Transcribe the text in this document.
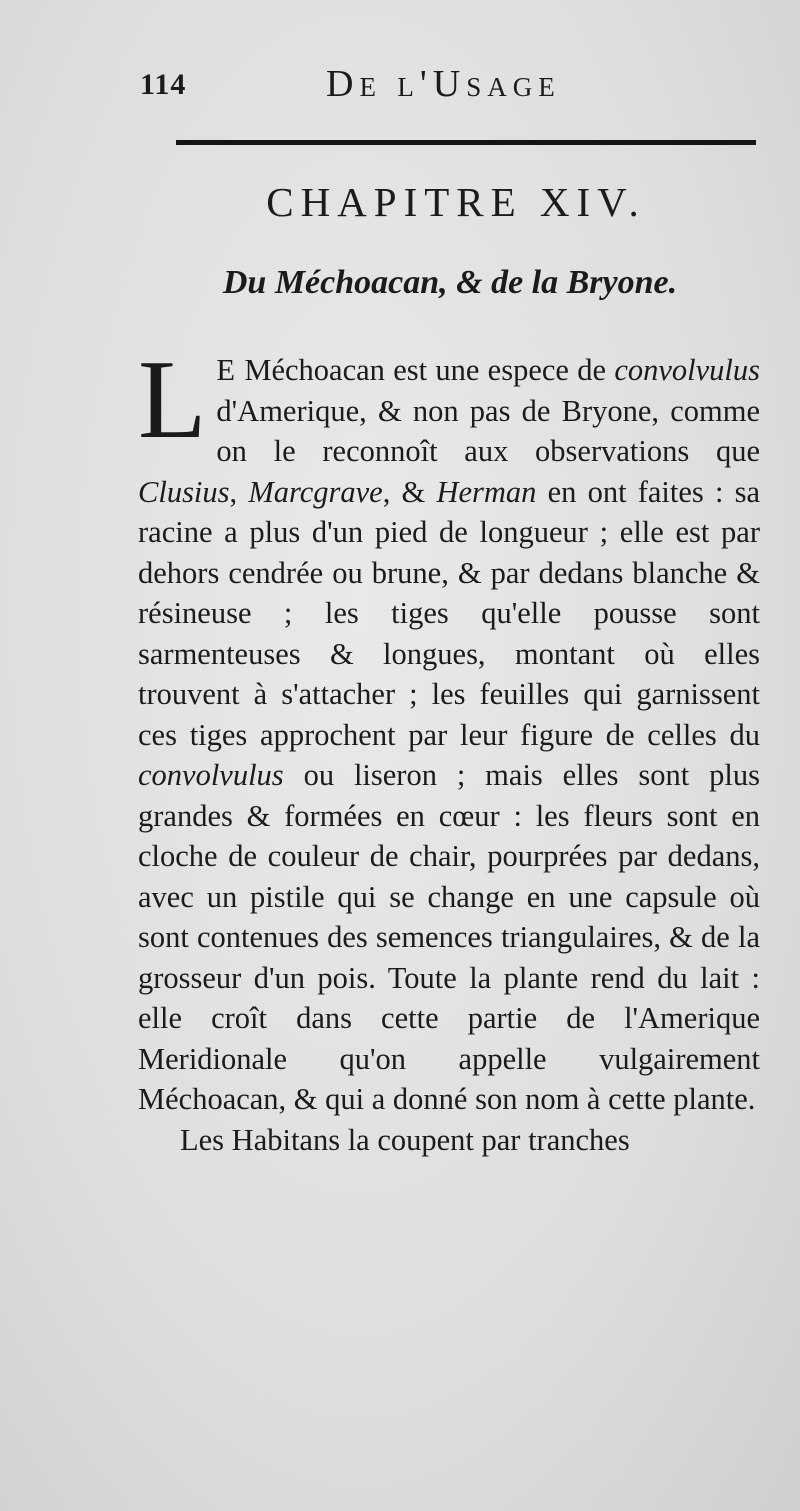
114	De l'Usage
CHAPITRE XIV.
Du Méchoacan, & de la Bryone.

L E Méchoacan est une espece de convolvulus d'Amerique, & non pas de Bryone, comme on le reconnoît aux observations que Clusius, Marcgrave, & Herman en ont faites : sa racine a plus d'un pied de longueur ; elle est par dehors cendrée ou brune, & par dedans blanche & résineuse ; les tiges qu'elle pousse sont sarmenteuses & longues, montant où elles trouvent à s'attacher ; les feuilles qui garnissent ces tiges approchent par leur figure de celles du convolvulus ou liseron ; mais elles sont plus grandes & formées en cœur : les fleurs sont en cloche de couleur de chair, pourprées par dedans, avec un pistile qui se change en une capsule où sont contenues des semences triangulaires, & de la grosseur d'un pois. Toute la plante rend du lait : elle croît dans cette partie de l'Amerique Meridionale qu'on appelle vulgairement Méchoacan, & qui a donné son nom à cette plante.

Les Habitans la coupent par tranches
